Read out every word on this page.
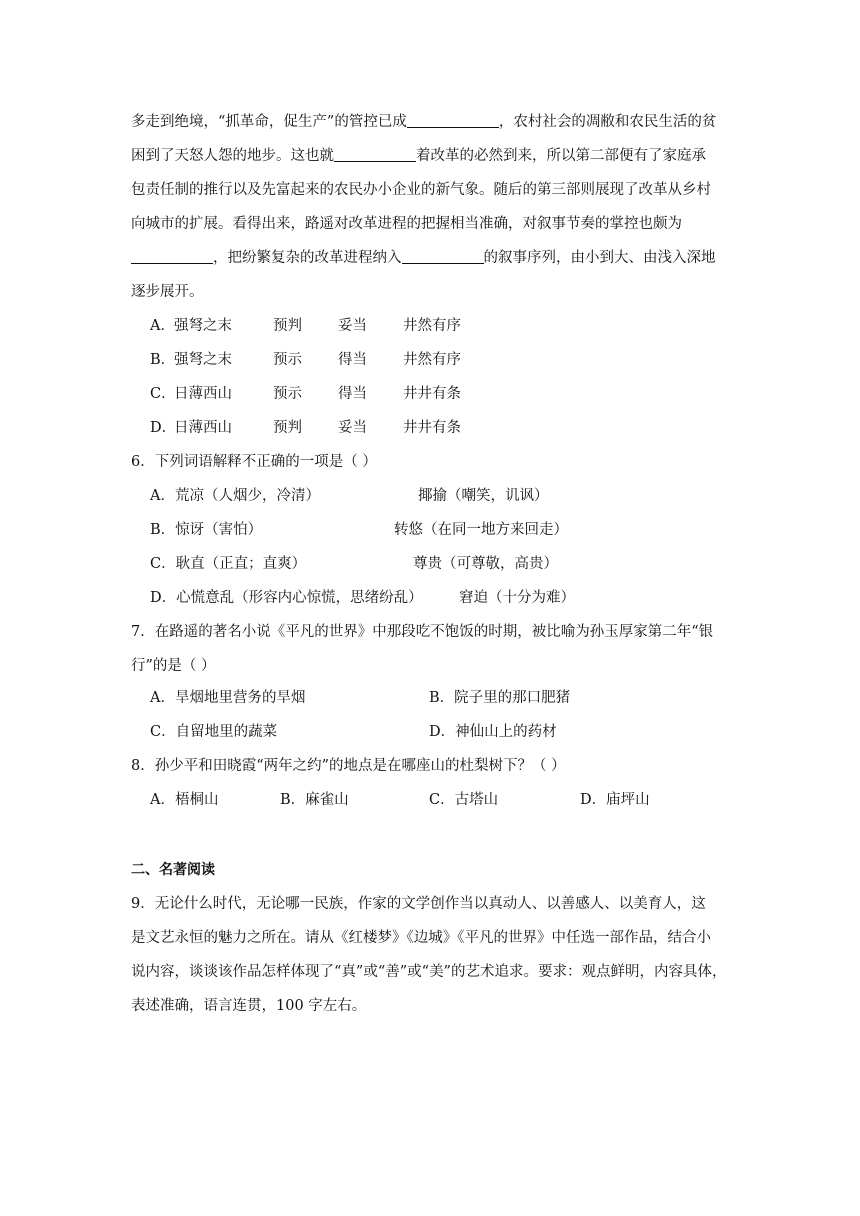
多走到绝境，“抓革命，促生产”的管控已成	，农村社会的凋敝和农民生活的贫
困到了天怒人怨的地步。这也就	着改革的必然到来，所以第二部便有了家庭承
包责任制的推行以及先富起来的农民办小企业的新气象。随后的第三部则展现了改革从乡村
向城市的扩展。看得出来，路遥对改革进程的把握相当准确，对叙事节奏的掌控也颇为
，把纷繁复杂的改革进程纳入	的叙事序列，由小到大、由浅入深地
逐步展开。
A． 强弩之末	预判 妥当 井然有序
B．
强弩之末	预示 得当 井然有序
C．
日薄西山	预示 得当 井井有条
D．
日薄西山	预判 妥当 井井有条
6．下列词语解释不正确的一项是（ ）
A．荒凉（人烟少，冷清）	揶揄（嘲笑，讥讽）
B．惊讶（害怕）	转悠（在同一地方来回走）
C．耿直（正直；直爽）	尊贵（可尊敬，高贵）
D．心慌意乱（形容内心惊慌，思绪纷乱）	窘迫（十分为难）
7．在路遥的著名小说《平凡的世界》中那段吃不饱饭的时期，被比喻为孙玉厚家第二年“银
行”的是（ ）
A．旱烟地里营务的旱烟	B．院子里的那口肥猪
C．自留地里的蔬菜	D．神仙山上的药材
8．孙少平和田晓霞“两年之约”的地点是在哪座山的杜梨树下？（ ）
A．梧桐山	B．麻雀山	C．古塔山	D．庙坪山
二、名著阅读
9．无论什么时代，无论哪一民族，作家的文学创作当以真动人、以善感人、以美育人，这
是文艺永恒的魅力之所在。请从《红楼梦》《边城》《平凡的世界》中任选一部作品，结合小
说内容，谈谈该作品怎样体现了“真”或“善”或“美”的艺术追求。要求：观点鲜明，内容具体，
表述准确，语言连贯，100 字左右。
